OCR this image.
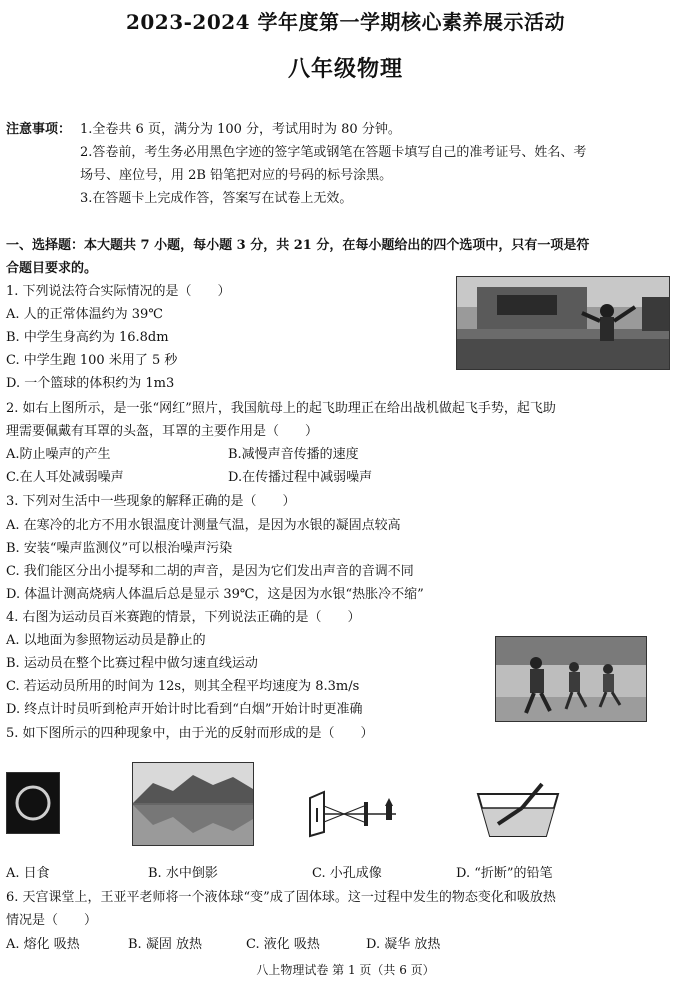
2023-2024 学年度第一学期核心素养展示活动
八年级物理
注意事项： 1.全卷共 6 页，满分为 100 分，考试用时为 80 分钟。
2.答卷前，考生务必用黑色字迹的签字笔或钢笔在答题卡填写自己的准考证号、姓名、考
场号、座位号，用 2B 铅笔把对应的号码的标号涂黑。
3.在答题卡上完成作答，答案写在试卷上无效。
一、选择题：本大题共 7 小题，每小题 3 分，共 21 分，在每小题给出的四个选项中，只有一项是符
合题目要求的。
1. 下列说法符合实际情况的是（　　）
A. 人的正常体温约为 39℃
B. 中学生身高约为 16.8dm
C. 中学生跑 100 米用了 5 秒
D. 一个篮球的体积约为 1m3
2. 如右上图所示，是一张“网红”照片，我国航母上的起飞助理正在给出战机做起飞手势，起飞助
理需要佩戴有耳罩的头盔，耳罩的主要作用是（　　）
A.防止噪声的产生	B.减慢声音传播的速度
C.在人耳处减弱噪声	D.在传播过程中减弱噪声
3. 下列对生活中一些现象的解释正确的是（　　）
A. 在寒冷的北方不用水银温度计测量气温，是因为水银的凝固点较高
B. 安装“噪声监测仪”可以根治噪声污染
C. 我们能区分出小提琴和二胡的声音，是因为它们发出声音的音调不同
D. 体温计测高烧病人体温后总是显示 39℃，这是因为水银“热胀冷不缩”
4. 右图为运动员百米赛跑的情景，下列说法正确的是（　　）
A. 以地面为参照物运动员是静止的
B. 运动员在整个比赛过程中做匀速直线运动
C. 若运动员所用的时间为 12s，则其全程平均速度为 8.3m/s
D. 终点计时员听到枪声开始计时比看到“白烟”开始计时更准确
5. 如下图所示的四种现象中，由于光的反射而形成的是（　　）
A. 日食	B. 水中倒影	C. 小孔成像	D. “折断”的铅笔
6. 天宫课堂上，王亚平老师将一个液体球“变”成了固体球。这一过程中发生的物态变化和吸放热
情况是（　　）
A. 熔化 吸热	B. 凝固 放热	C. 液化 吸热	D. 凝华 放热
八上物理试卷 第 1 页（共 6 页）
